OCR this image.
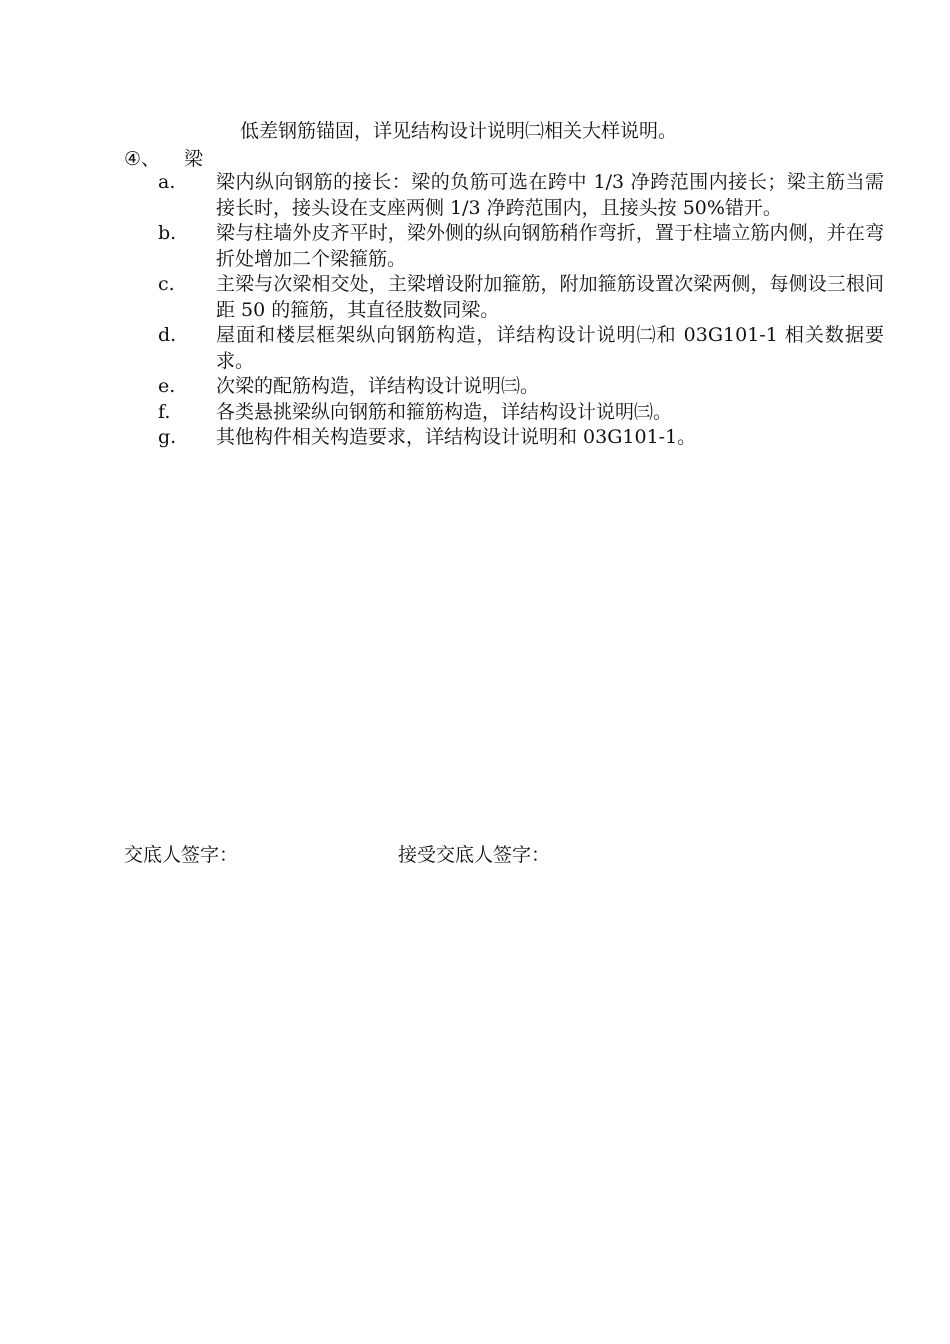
低差钢筋锚固，详见结构设计说明㈡相关大样说明。
④、 梁
a.	梁内纵向钢筋的接长：梁的负筋可选在跨中 1/3 净跨范围内接长；梁主筋当需接长时，接头设在支座两侧 1/3 净跨范围内，且接头按 50%错开。
b.	梁与柱墙外皮齐平时，梁外侧的纵向钢筋稍作弯折，置于柱墙立筋内侧，并在弯折处增加二个梁箍筋。
c.	主梁与次梁相交处，主梁增设附加箍筋，附加箍筋设置次梁两侧，每侧设三根间距 50 的箍筋，其直径肢数同梁。
d.	屋面和楼层框架纵向钢筋构造，详结构设计说明㈡和 03G101-1 相关数据要求。
e.	次梁的配筋构造，详结构设计说明㈢。
f.	各类悬挑梁纵向钢筋和箍筋构造，详结构设计说明㈢。
g.	其他构件相关构造要求，详结构设计说明和 03G101-1。
交底人签字：	接受交底人签字：
